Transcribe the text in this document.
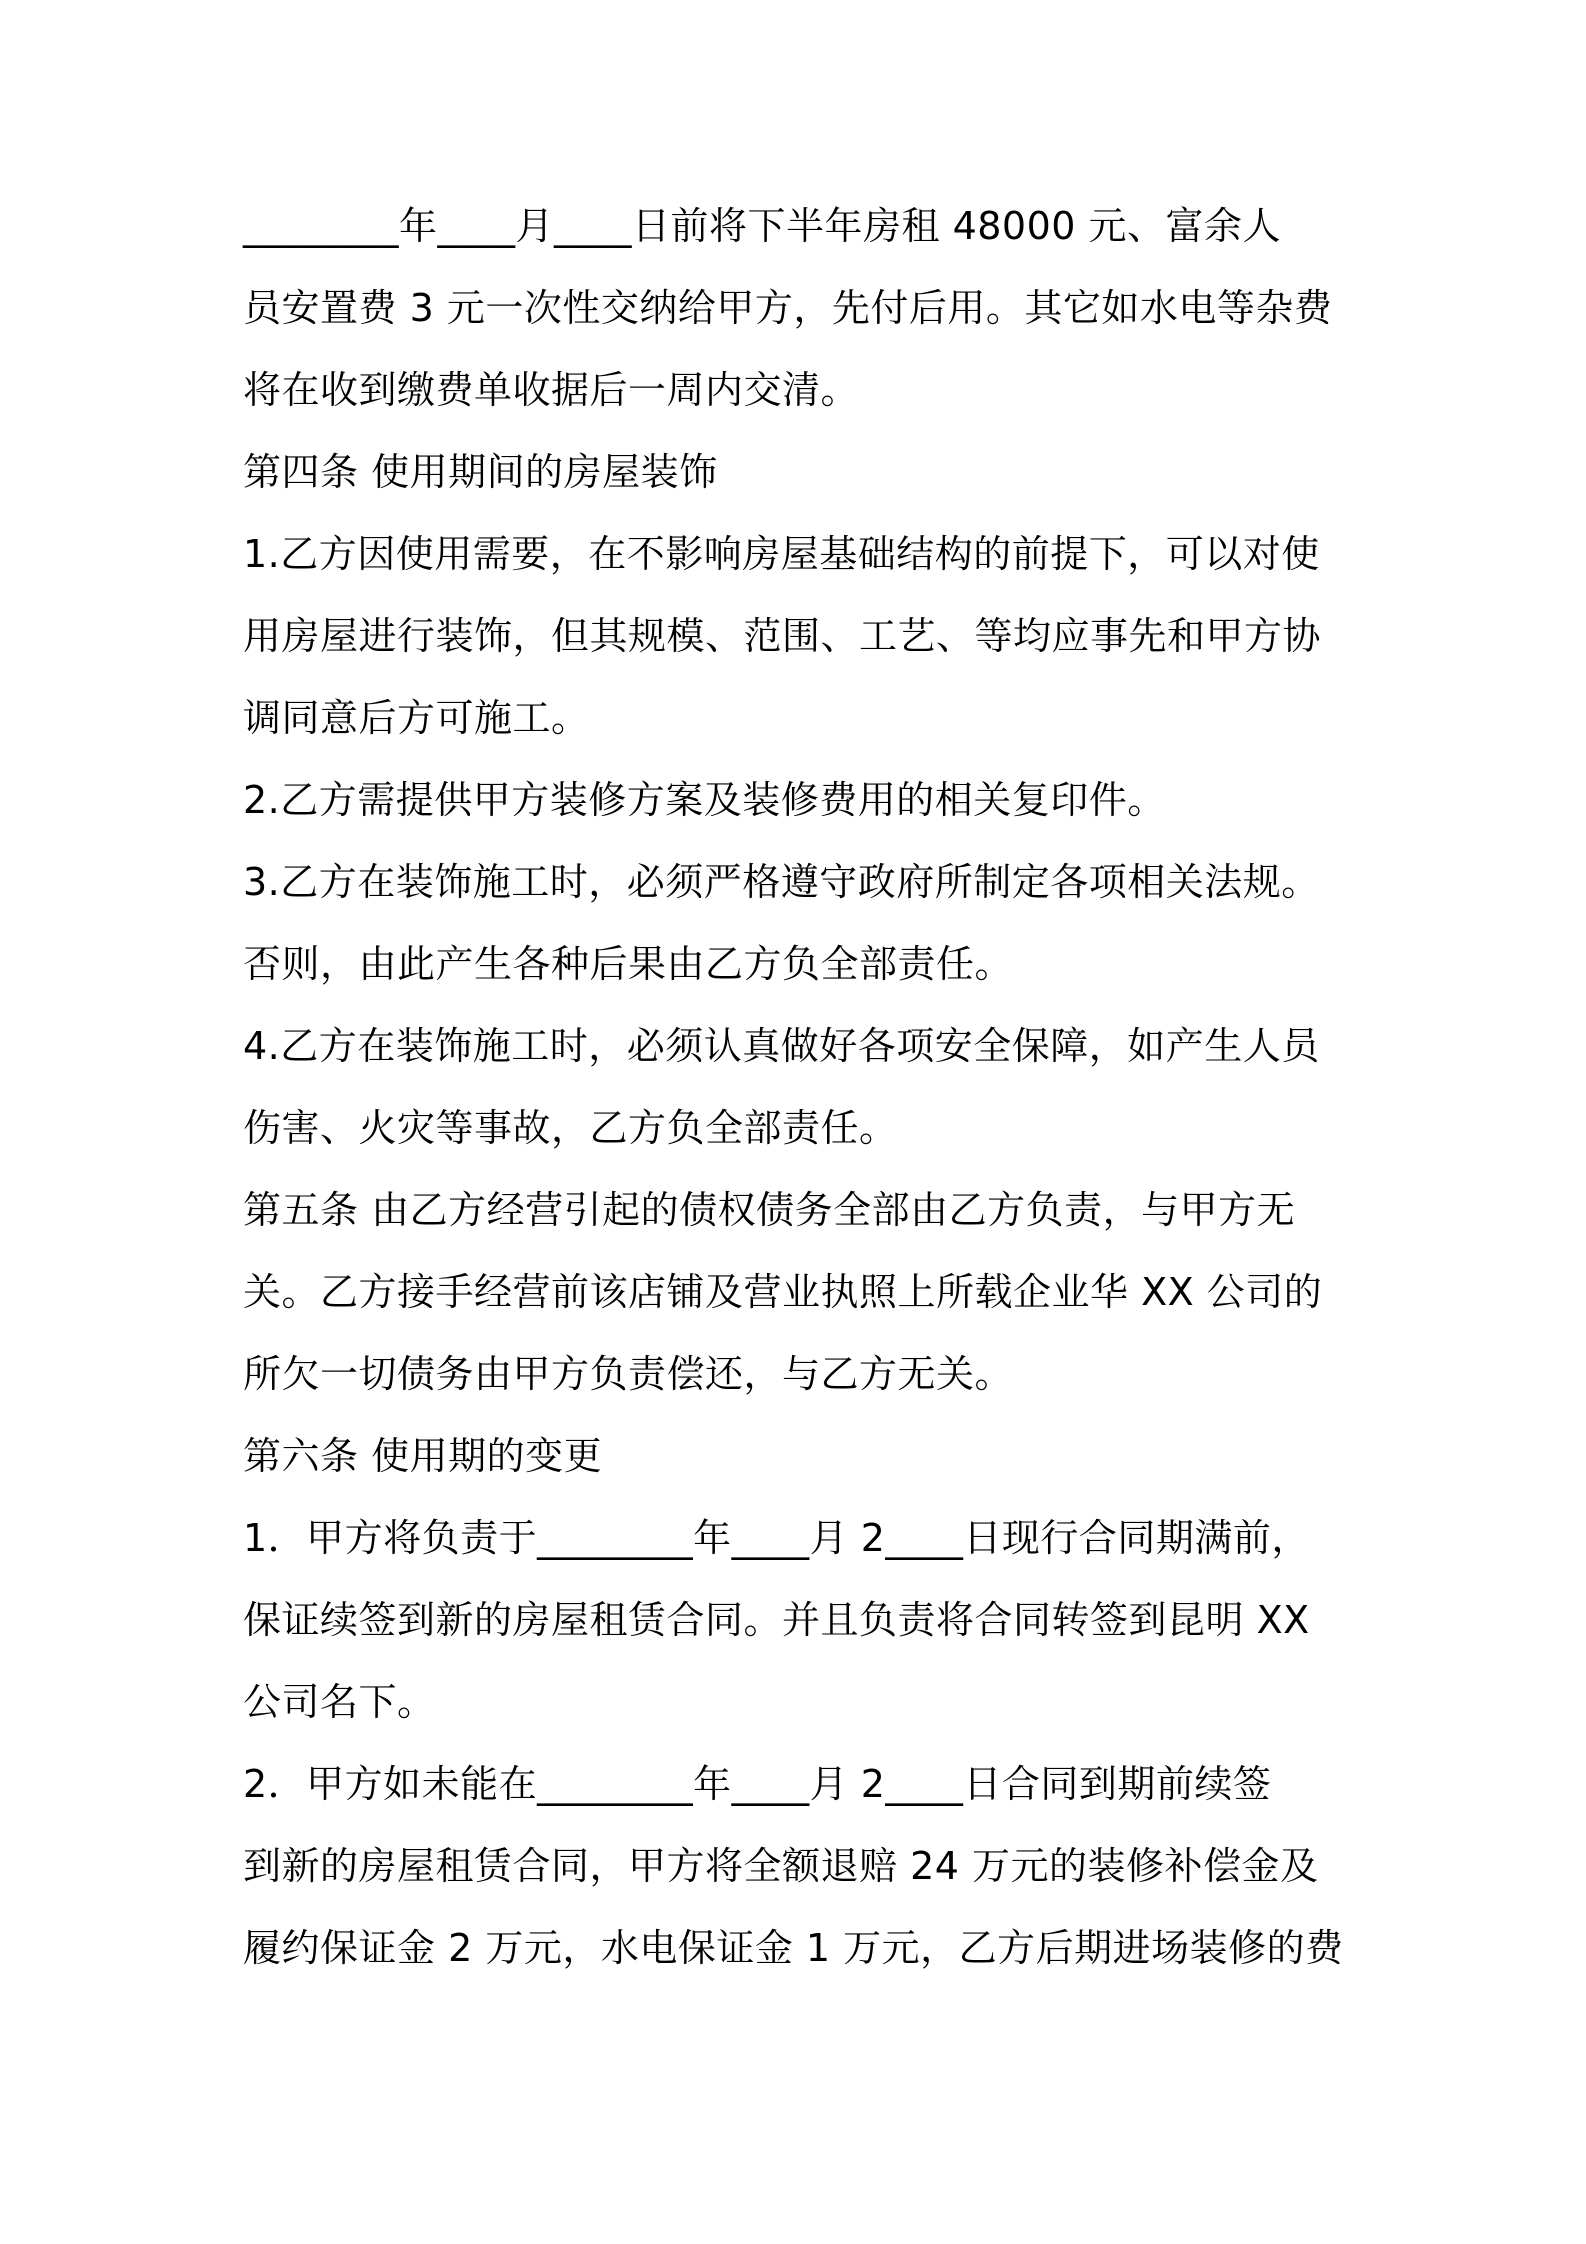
________年____月____日前将下半年房租 48000 元、富余人
员安置费 3 元一次性交纳给甲方，先付后用。其它如水电等杂费
将在收到缴费单收据后一周内交清。
第四条 使用期间的房屋装饰
1.乙方因使用需要，在不影响房屋基础结构的前提下，可以对使
用房屋进行装饰，但其规模、范围、工艺、等均应事先和甲方协
调同意后方可施工。
2.乙方需提供甲方装修方案及装修费用的相关复印件。
3.乙方在装饰施工时，必须严格遵守政府所制定各项相关法规。
否则，由此产生各种后果由乙方负全部责任。
4.乙方在装饰施工时，必须认真做好各项安全保障，如产生人员
伤害、火灾等事故，乙方负全部责任。
第五条 由乙方经营引起的债权债务全部由乙方负责，与甲方无
关。乙方接手经营前该店铺及营业执照上所载企业华 XX 公司的
所欠一切债务由甲方负责偿还，与乙方无关。
第六条 使用期的变更
1．甲方将负责于________年____月 2____日现行合同期满前，
保证续签到新的房屋租赁合同。并且负责将合同转签到昆明 XX
公司名下。
2．甲方如未能在________年____月 2____日合同到期前续签
到新的房屋租赁合同，甲方将全额退赔 24 万元的装修补偿金及
履约保证金 2 万元，水电保证金 1 万元，乙方后期进场装修的费
